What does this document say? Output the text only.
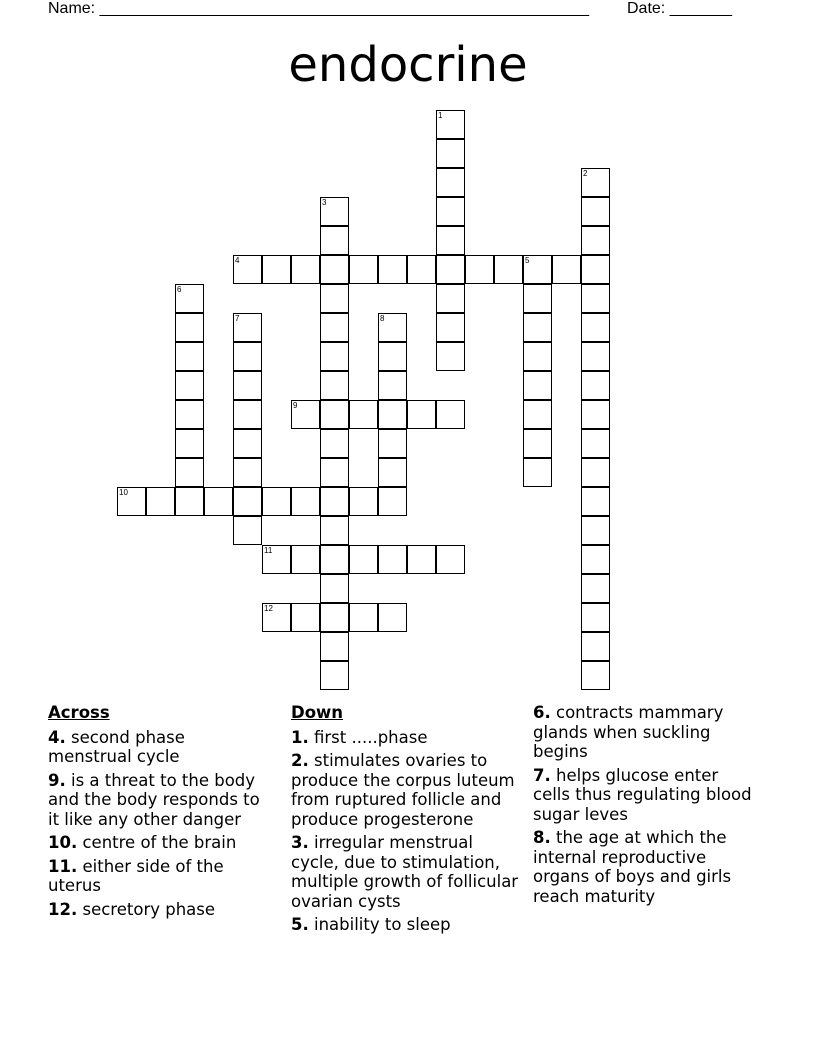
Name: _______________________________________________________ Date: _______
endocrine
1
2
3
4	5
6
7	8
9
10
11
12
Across
4. second phase menstrual cycle
9. is a threat to the body and the body responds to it like any other danger
10. centre of the brain
11. either side of the uterus
12. secretory phase
Down
1. first .....phase
2. stimulates ovaries to produce the corpus luteum from ruptured follicle and produce progesterone
3. irregular menstrual cycle, due to stimulation, multiple growth of follicular ovarian cysts
5. inability to sleep
6. contracts mammary glands when suckling begins
7. helps glucose enter cells thus regulating blood sugar leves
8. the age at which the internal reproductive organs of boys and girls reach maturity
